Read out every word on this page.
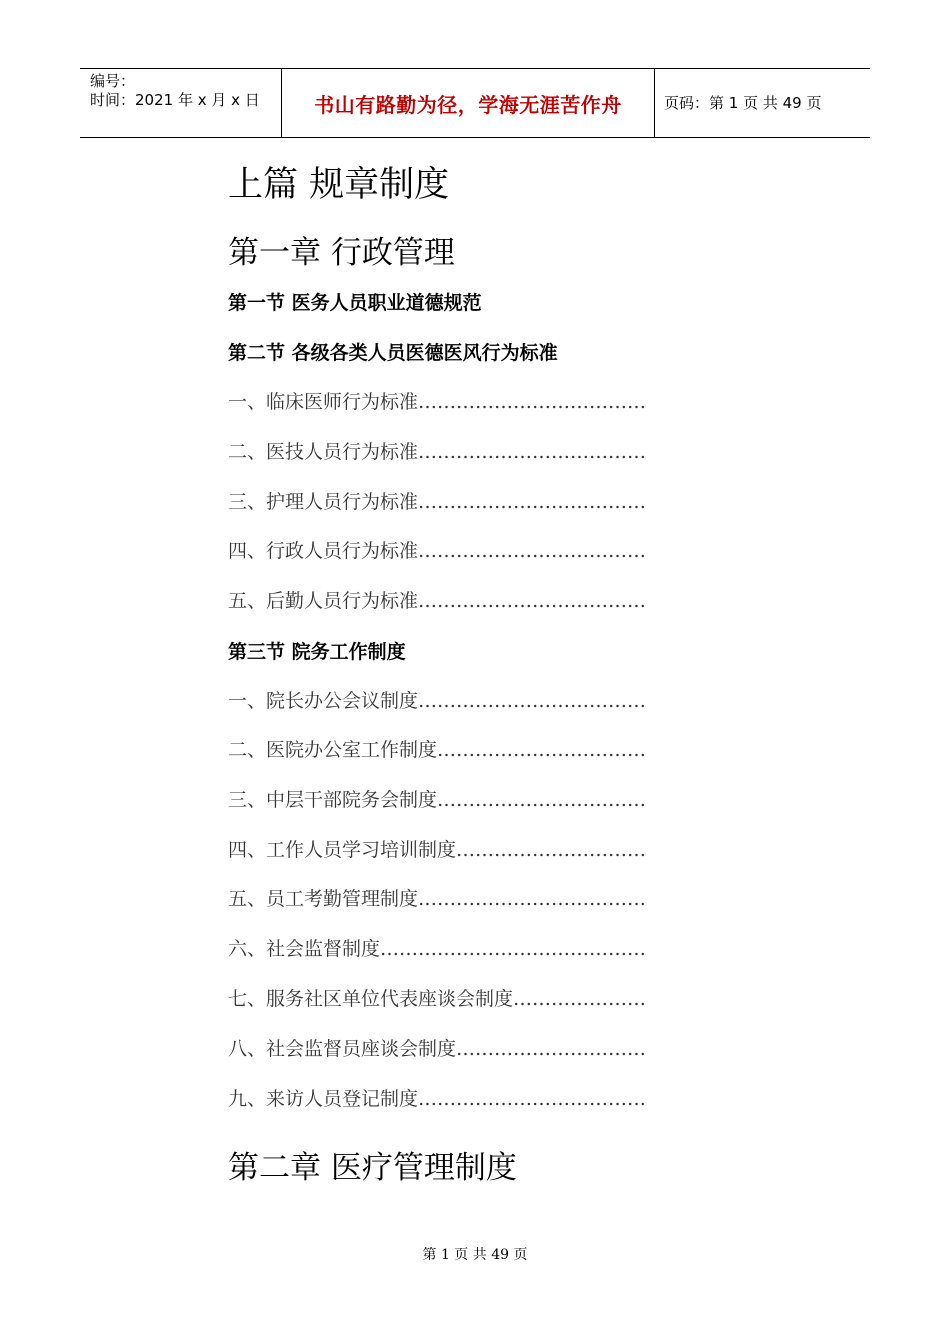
编号：
时间：2021 年 x 月 x 日	书山有路勤为径，学海无涯苦作舟	页码：第 1 页 共 49 页
上篇 规章制度
第一章 行政管理
第一节 医务人员职业道德规范
第二节 各级各类人员医德医风行为标准
一、临床医师行为标准………………………………
二、医技人员行为标准………………………………
三、护理人员行为标准………………………………
四、行政人员行为标准………………………………
五、后勤人员行为标准………………………………
第三节 院务工作制度
一、院长办公会议制度………………………………
二、医院办公室工作制度……………………………
三、中层干部院务会制度……………………………
四、工作人员学习培训制度…………………………
五、员工考勤管理制度………………………………
六、社会监督制度……………………………………
七、服务社区单位代表座谈会制度…………………
八、社会监督员座谈会制度…………………………
九、来访人员登记制度………………………………
第二章 医疗管理制度
第 1 页 共 49 页
